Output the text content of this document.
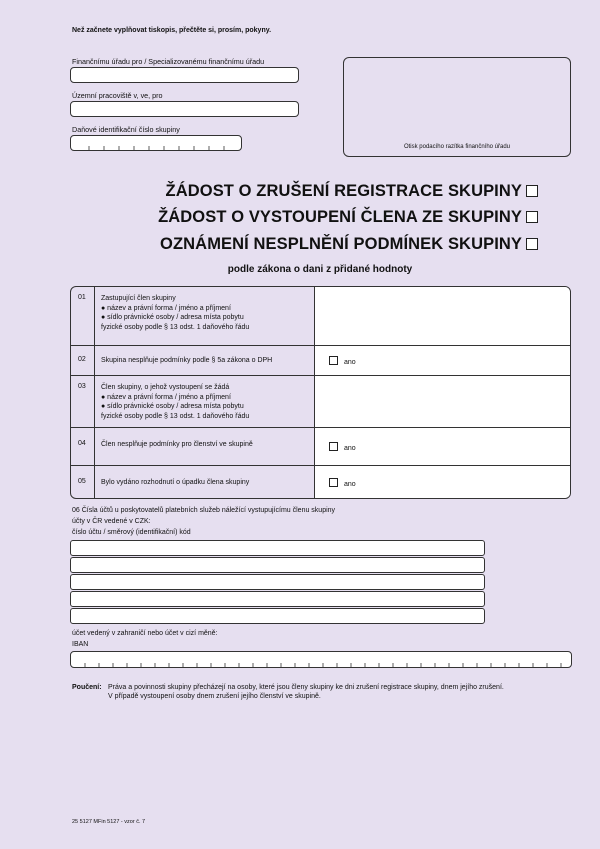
Než začnete vyplňovat tiskopis, přečtěte si, prosím, pokyny.
Finančnímu úřadu pro / Specializovanému finančnímu úřadu
Územní pracoviště v, ve, pro
Daňové identifikační číslo skupiny
Otisk podacího razítka finančního úřadu
ŽÁDOST O ZRUŠENÍ REGISTRACE SKUPINY
ŽÁDOST O VYSTOUPENÍ ČLENA ZE SKUPINY
OZNÁMENÍ NESPLNĚNÍ PODMÍNEK SKUPINY
podle zákona o dani z přidané hodnoty
01	Zastupující člen skupiny
● název a právní forma / jméno a příjmení
● sídlo právnické osoby / adresa místa pobytu
fyzické osoby podle § 13 odst. 1 daňového řádu
02	Skupina nesplňuje podmínky podle § 5a zákona o DPH	ano
03	Člen skupiny, o jehož vystoupení se žádá
● název a právní forma / jméno a příjmení
● sídlo právnické osoby / adresa místa pobytu
fyzické osoby podle § 13 odst. 1 daňového řádu
04	Člen nesplňuje podmínky pro členství ve skupině	ano
05	Bylo vydáno rozhodnutí o úpadku člena skupiny	ano
06 Čísla účtů u poskytovatelů platebních služeb náležící vystupujícímu členu skupiny
účty v ČR vedené v CZK:
číslo účtu / směrový (identifikační) kód
účet vedený v zahraničí nebo účet v cizí měně:
IBAN
Poučení: Práva a povinnosti skupiny přecházejí na osoby, které jsou členy skupiny ke dni zrušení registrace skupiny, dnem jejího zrušení.
V případě vystoupení osoby dnem zrušení jejího členství ve skupině.
25 5127 MFin 5127 - vzor č. 7
